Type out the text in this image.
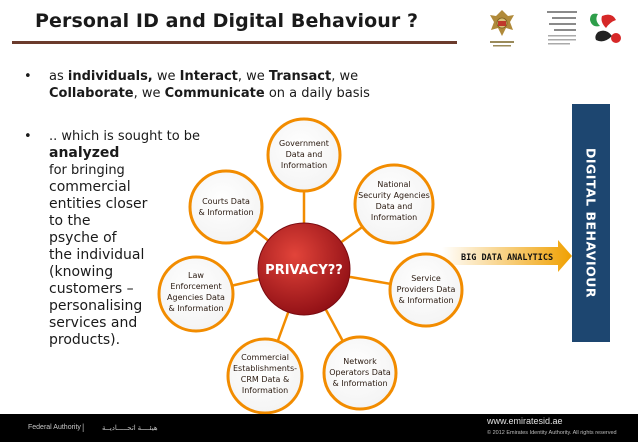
Personal ID and Digital Behaviour ?
• as individuals, we Interact, we Transact, we
Collaborate, we Communicate on a daily basis
• .. which is sought to be
analyzed
for bringing
commercial
entities closer
to the
psyche of
the individual
(knowing
customers –
personalising
services and
products).
BIG DATA ANALYTICS
PRIVACY??
Government
Data and
Information
National
Security Agencies
Data and
Information
Service
Providers Data
& Information
Network
Operators Data
& Information
Commercial
Establishments-
CRM Data &
Information
Law
Enforcement
Agencies Data
& Information
Courts Data
& Information	DIGITAL BEHAVIOUR
Federal Authority |	هيئــــة اتحـــــاديــة
www.emiratesid.ae
© 2012 Emirates Identity Authority. All rights reserved
